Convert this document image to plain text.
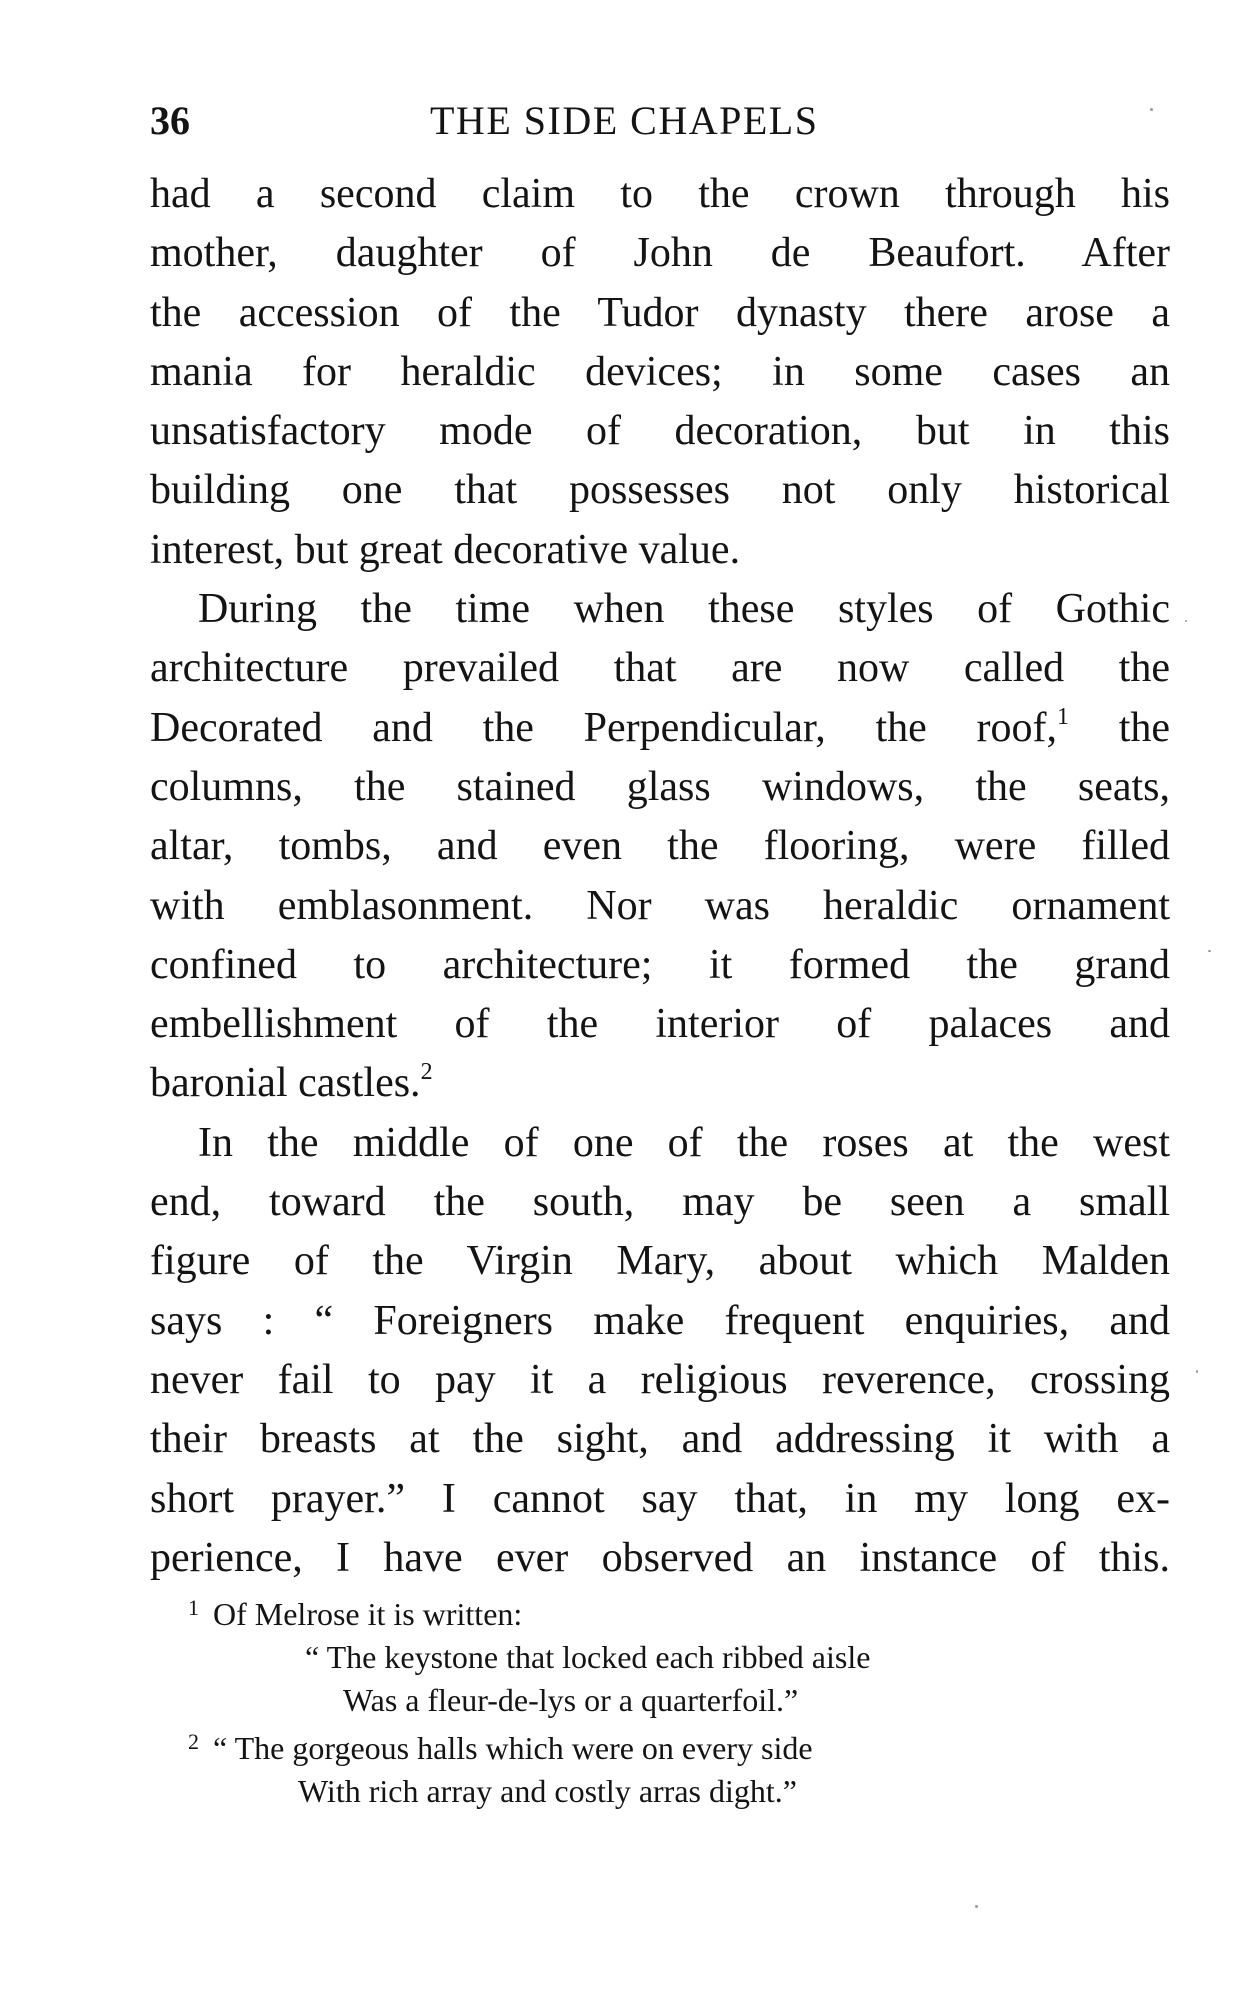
36	THE SIDE CHAPELS
had a second claim to the crown through his
mother, daughter of John de Beaufort. After
the accession of the Tudor dynasty there arose a
mania for heraldic devices; in some cases an
unsatisfactory mode of decoration, but in this
building one that possesses not only historical
interest, but great decorative value.
During the time when these styles of Gothic
architecture prevailed that are now called the
Decorated and the Perpendicular, the roof,$^1$ the
columns, the stained glass windows, the seats,
altar, tombs, and even the flooring, were filled
with emblasonment. Nor was heraldic ornament
confined to architecture; it formed the grand
embellishment of the interior of palaces and
baronial castles.$^2$
In the middle of one of the roses at the west
end, toward the south, may be seen a small
figure of the Virgin Mary, about which Malden
says : “ Foreigners make frequent enquiries, and
never fail to pay it a religious reverence, crossing
their breasts at the sight, and addressing it with a
short prayer.” I cannot say that, in my long ex-
perience, I have ever observed an instance of this.
$^1$ Of Melrose it is written:
“ The keystone that locked each ribbed aisle
Was a fleur-de-lys or a quarterfoil.”
$^2$ “ The gorgeous halls which were on every side
With rich array and costly arras dight.”
